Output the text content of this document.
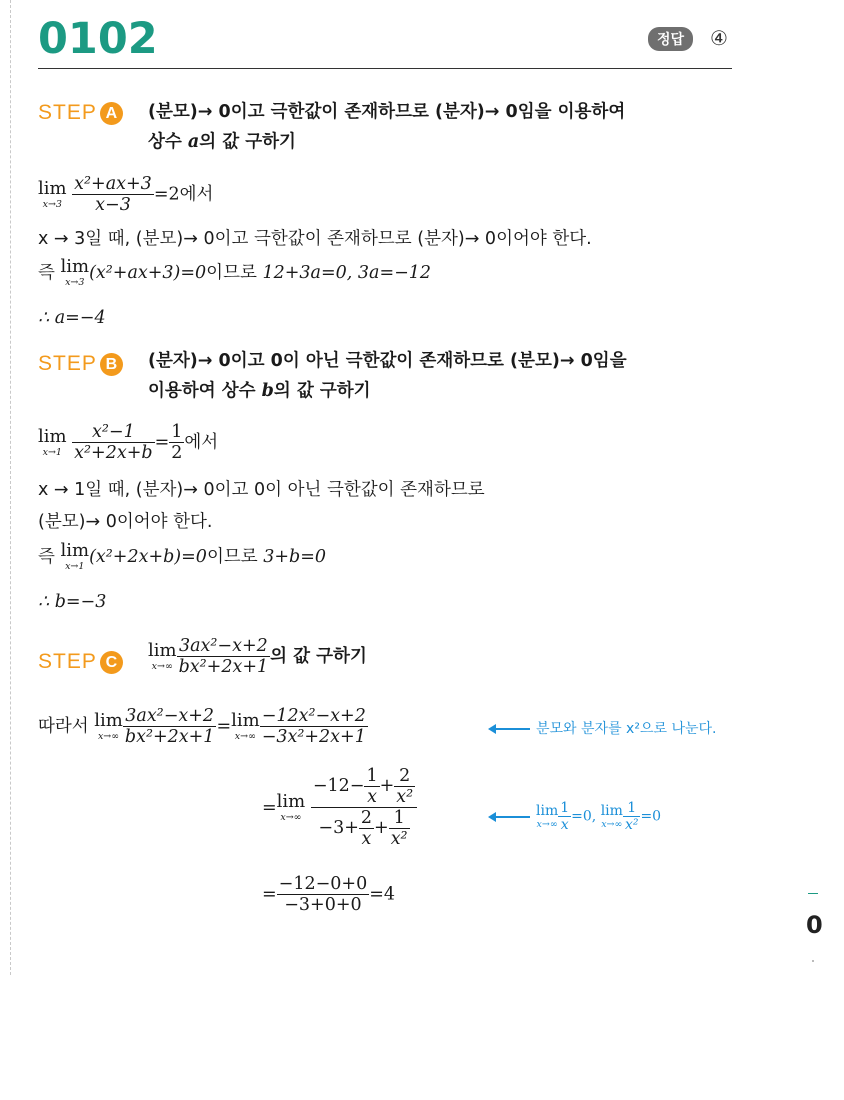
0102	정답	④
STEP A	(분모)→ 0이고 극한값이 존재하므로 (분자)→ 0임을 이용하여
상수 a의 값 구하기
lim
x→3
$\frac{\text{x²+ax+3}}{x-3} =2$에서
x → 3일 때, (분모)→ 0이고 극한값이 존재하므로 (분자)→ 0이어야 한다.
즉 lim
x→3 (x²+ax+3)=0이므로 12+3a=0, 3a=−12
∴ a=−4
STEP B	(분자)→ 0이고 0이 아닌 극한값이 존재하므로 (분모)→ 0임을
이용하여 상수 b의 값 구하기
lim
x→1
$\frac{\text{x²−1}}{\text{x²+2x+b}} = \frac{1}{2}$ 에서
x → 1일 때, (분자)→ 0이고 0이 아닌 극한값이 존재하므로
(분모)→ 0이어야 한다.
즉 lim
x→1 (x²+2x+b)=0이므로 3+b=0
∴ b=−3
STEP C
lim
$x\to\infty \frac{\text{3ax²−x+2}}{\text{bx²+2x+1}}$ 의 값 구하기
따라서 lim
$x\to\infty \frac{\text{3ax²−x+2}}{\text{bx²+2x+1}} = \lim$
$x\to\infty \frac{\text{−12x²−x+2}}{\text{−3x²+2x+1}}$
= lim
x→∞
$\frac{-12- \frac{1}{x} + \frac{2}{\text{x²}}}{-3+ \frac{2}{x} + \frac{1}{\text{x²}}}$
= $\frac{-12-0+0}{-3+0+0} =4$
분모와 분자를 x²으로 나눈다.
lim
$x\to\infty \frac{1}{x} =0$, lim
$x\to\infty \frac{1}{\text{x²}} =0$
0
